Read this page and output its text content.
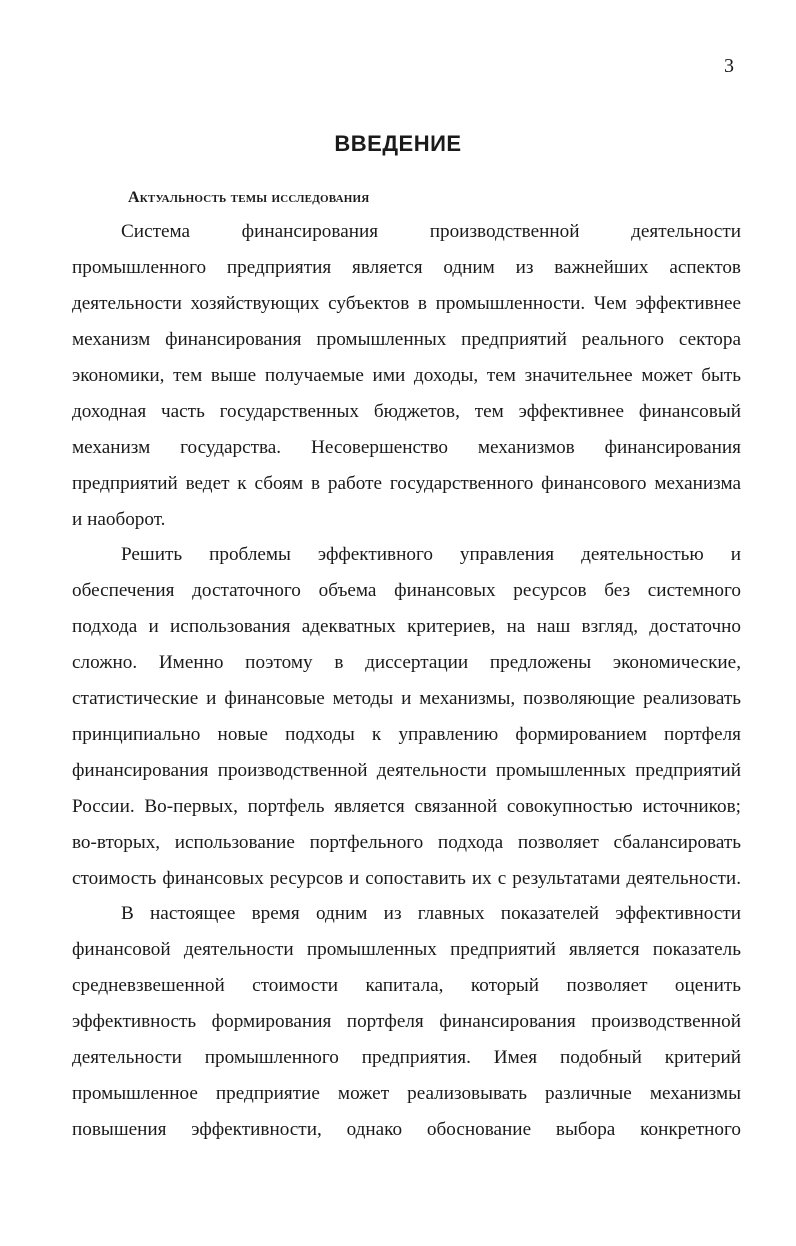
3
ВВЕДЕНИЕ
Актуальность темы исследования
Система финансирования производственной деятельности
промышленного предприятия является одним из важнейших аспектов
деятельности хозяйствующих субъектов в промышленности. Чем эффективнее
механизм финансирования промышленных предприятий реального сектора
экономики, тем выше получаемые ими доходы, тем значительнее может быть
доходная часть государственных бюджетов, тем эффективнее финансовый
механизм государства. Несовершенство механизмов финансирования
предприятий ведет к сбоям в работе государственного финансового механизма
и наоборот.
Решить проблемы эффективного управления деятельностью и
обеспечения достаточного объема финансовых ресурсов без системного
подхода и использования адекватных критериев, на наш взгляд, достаточно
сложно. Именно поэтому в диссертации предложены экономические,
статистические и финансовые методы и механизмы, позволяющие реализовать
принципиально новые подходы к управлению формированием портфеля
финансирования производственной деятельности промышленных предприятий
России. Во-первых, портфель является связанной совокупностью источников;
во-вторых, использование портфельного подхода позволяет сбалансировать
стоимость финансовых ресурсов и сопоставить их с результатами деятельности.
В настоящее время одним из главных показателей эффективности
финансовой деятельности промышленных предприятий является показатель
средневзвешенной стоимости капитала, который позволяет оценить
эффективность формирования портфеля финансирования производственной
деятельности промышленного предприятия. Имея подобный критерий
промышленное предприятие может реализовывать различные механизмы
повышения эффективности, однако обоснование выбора конкретного
